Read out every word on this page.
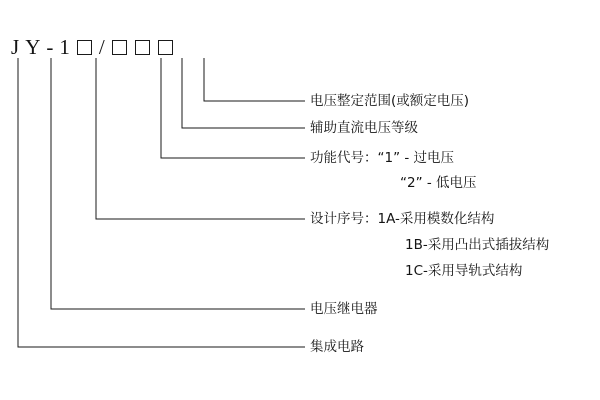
J Y - 1 /
电压整定范围(或额定电压)
辅助直流电压等级
功能代号：“1” - 过电压
“2” - 低电压
设计序号：1A-采用模数化结构
1B-采用凸出式插拔结构
1C-采用导轨式结构
电压继电器
集成电路
